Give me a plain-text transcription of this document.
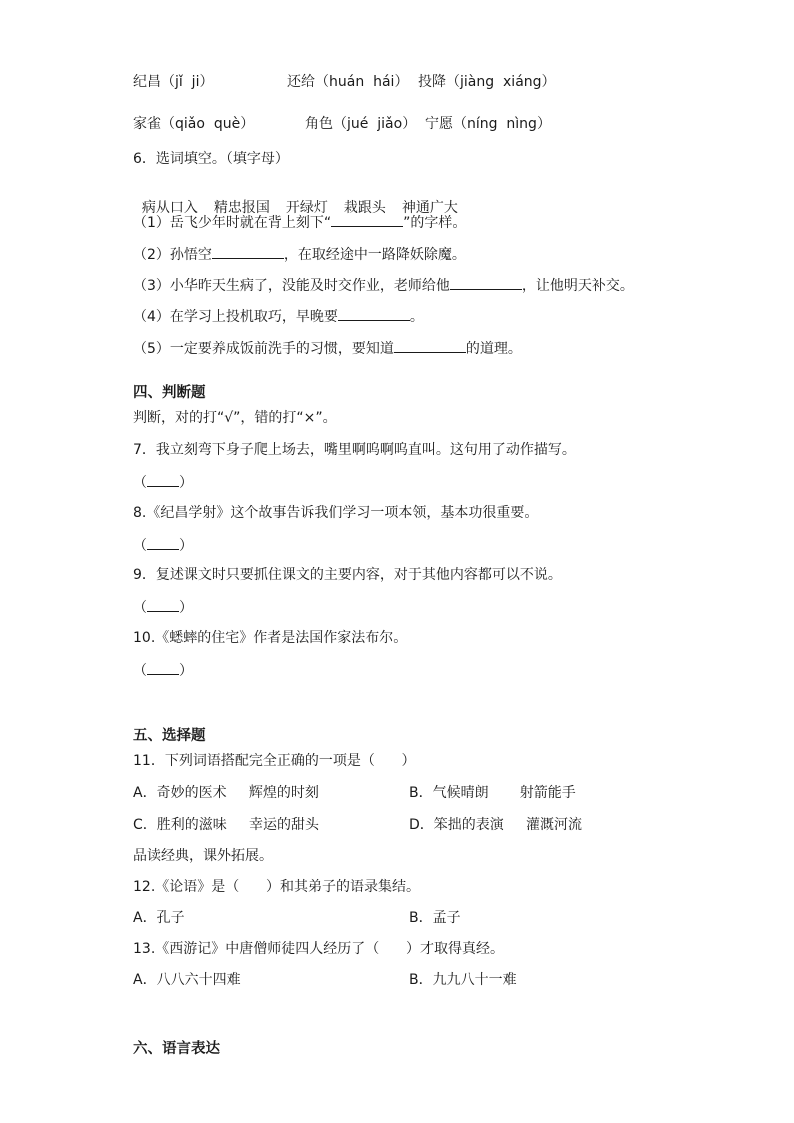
纪昌（jǐ  ji）	还给（huán  hái） 投降（jiàng  xiáng）
家雀（qiǎo  què）	角色（jué  jiǎo） 宁愿（níng  nìng）
6．选词填空。（填字母）

病从口入 精忠报国 开绿灯 栽跟头 神通广大

（1）岳飞少年时就在背上刻下“	”的字样。
（2）孙悟空	，在取经途中一路降妖除魔。
（3）小华昨天生病了，没能及时交作业，老师给他	，让他明天补交。
（4）在学习上投机取巧，早晚要	。
（5）一定要养成饭前洗手的习惯，要知道	的道理。
四、判断题
判断，对的打“√”，错的打“×”。
7．我立刻弯下身子爬上场去，嘴里啊呜啊呜直叫。这句用了动作描写。
（ ）
8.《纪昌学射》这个故事告诉我们学习一项本领，基本功很重要。
（ ）
9．复述课文时只要抓住课文的主要内容，对于其他内容都可以不说。
（ ）
10.《蟋蟀的住宅》作者是法国作家法布尔。
（ ）
五、选择题
11．下列词语搭配完全正确的一项是（      ）
A．奇妙的医术     辉煌的时刻	B．气候晴朗       射箭能手
C．胜利的滋味     幸运的甜头	D．笨拙的表演     灌溉河流
品读经典，课外拓展。
12.《论语》是（      ）和其弟子的语录集结。
A．孔子	B．孟子
13.《西游记》中唐僧师徒四人经历了（      ）才取得真经。
A．八八六十四难	B．九九八十一难
六、语言表达
